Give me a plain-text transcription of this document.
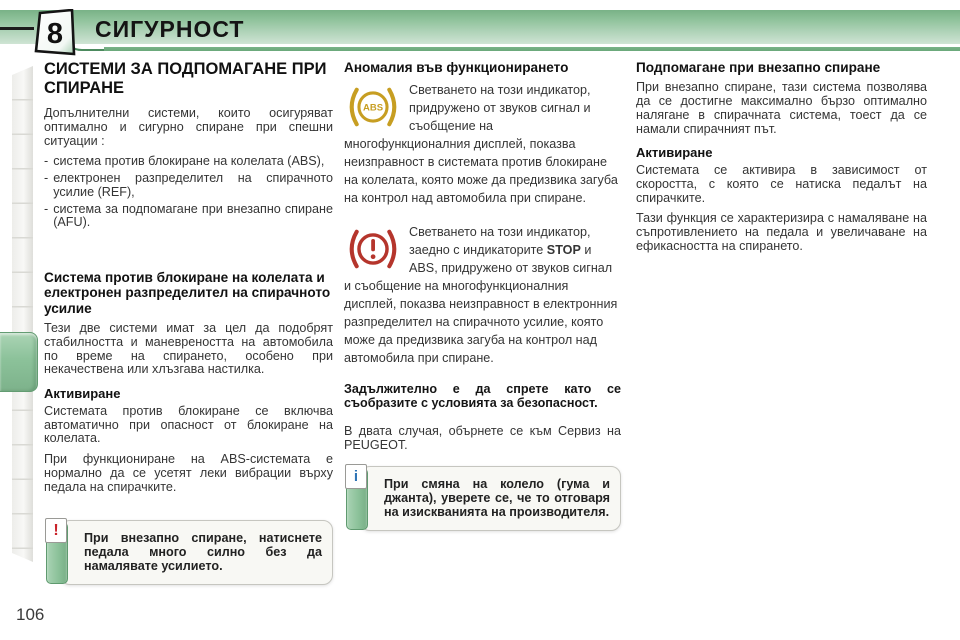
8 СИГУРНОСТ
106
СИСТЕМИ ЗА ПОДПОМАГАНЕ ПРИ СПИРАНЕ
Допълнителни системи, които осигуряват оптимално и сигурно спиране при спешни ситуации :
- система против блокиране на колелата (ABS),
- електронен разпределител на спирачното усилие (REF),
- система за подпомагане при внезапно спиране (AFU).
Система против блокиране на колелата и електронен разпределител на спирачното усилие
Тези две системи имат за цел да подобрят стабилността и маневреността на автомобила по време на спирането, особено при некачествена или хлъзгава настилка.
Активиране
Системата против блокиране се включва автоматично при опасност от блокиране на колелата.
При функциониране на ABS-системата е нормално да се усетят леки вибрации върху педала на спирачките.
! При внезапно спиране, натиснете педала много силно без да намалявате усилието.

Аномалия във функционирането
ABS
Светването на този индикатор, придружено от звуков сигнал и съобщение на многофункционалния дисплей, показва неизправност в системата против блокиране на колелата, която може да предизвика загуба на контрол над автомобила при спиране.
Светването на този индикатор, заедно с индикаторите STOP и ABS, придружено от звуков сигнал и съобщение на многофункционалния дисплей, показва неизправност в електронния разпределител на спирачното усилие, която може да предизвика загуба на контрол над автомобила при спиране.
Задължително е да спрете като се съобразите с условията за безопасност.
В двата случая, обърнете се към Сервиз на PEUGEOT.
i При смяна на колело (гума и джанта), уверете се, че то отговаря на изискванията на производителя.

Подпомагане при внезапно спиране
При внезапно спиране, тази система позволява да се достигне максимално бързо оптимално налягане в спирачната система, тоест да се намали спирачният път.
Активиране
Системата се активира в зависимост от скоростта, с която се натиска педалът на спирачките.
Тази функция се характеризира с намаляване на съпротивлението на педала и увеличаване на ефикасността на спирането.
